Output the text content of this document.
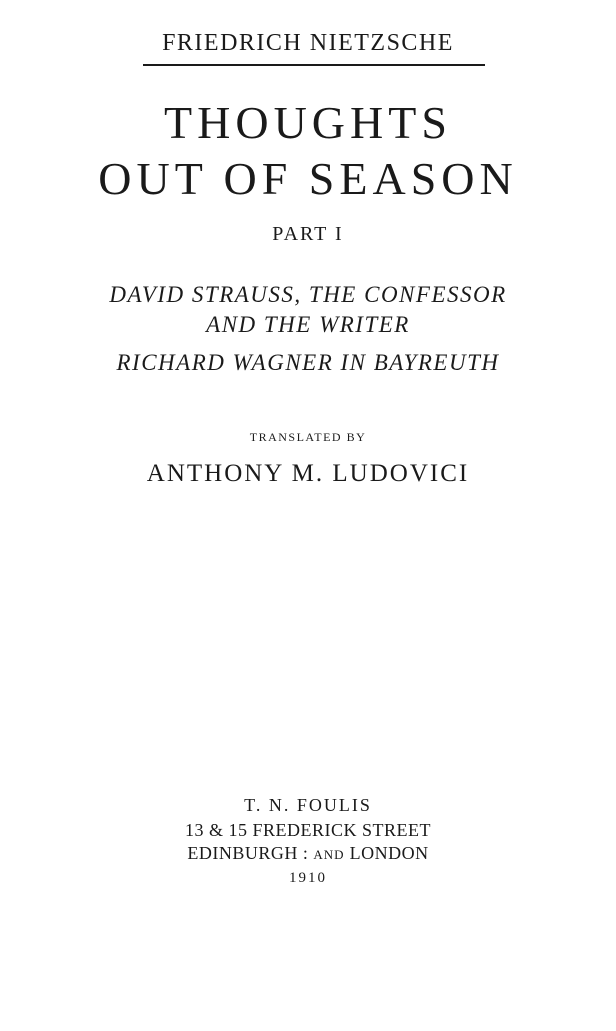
FRIEDRICH NIETZSCHE
THOUGHTS
OUT OF SEASON
PART I
DAVID STRAUSS, THE CONFESSOR
AND THE WRITER
RICHARD WAGNER IN BAYREUTH
TRANSLATED BY
ANTHONY M. LUDOVICI
T. N. FOULIS
13 & 15 FREDERICK STREET
EDINBURGH : AND LONDON
1910
